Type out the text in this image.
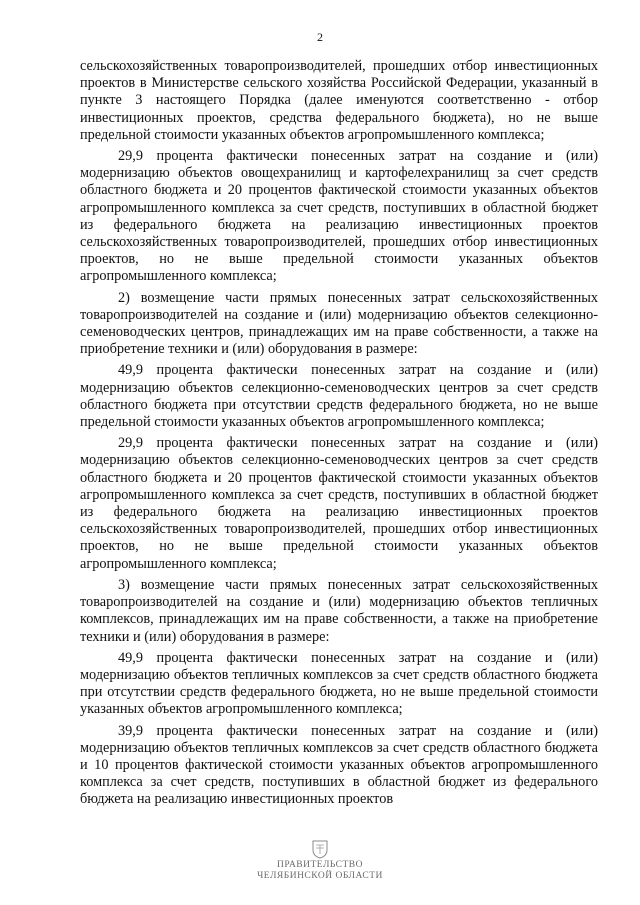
2

сельскохозяйственных товаропроизводителей, прошедших отбор инвестиционных проектов в Министерстве сельского хозяйства Российской Федерации, указанный в пункте 3 настоящего Порядка (далее именуются соответственно - отбор инвестиционных проектов, средства федерального бюджета), но не выше предельной стоимости указанных объектов агропромышленного комплекса;

29,9 процента фактически понесенных затрат на создание и (или) модернизацию объектов овощехранилищ и картофелехранилищ за счет средств областного бюджета и 20 процентов фактической стоимости указанных объектов агропромышленного комплекса за счет средств, поступивших в областной бюджет из федерального бюджета на реализацию инвестиционных проектов сельскохозяйственных товаропроизводителей, прошедших отбор инвестиционных проектов, но не выше предельной стоимости указанных объектов агропромышленного комплекса;

2) возмещение части прямых понесенных затрат сельскохозяйственных товаропроизводителей на создание и (или) модернизацию объектов селекционно-семеноводческих центров, принадлежащих им на праве собственности, а также на приобретение техники и (или) оборудования в размере:

49,9 процента фактически понесенных затрат на создание и (или) модернизацию объектов селекционно-семеноводческих центров за счет средств областного бюджета при отсутствии средств федерального бюджета, но не выше предельной стоимости указанных объектов агропромышленного комплекса;

29,9 процента фактически понесенных затрат на создание и (или) модернизацию объектов селекционно-семеноводческих центров за счет средств областного бюджета и 20 процентов фактической стоимости указанных объектов агропромышленного комплекса за счет средств, поступивших в областной бюджет из федерального бюджета на реализацию инвестиционных проектов сельскохозяйственных товаропроизводителей, прошедших отбор инвестиционных проектов, но не выше предельной стоимости указанных объектов агропромышленного комплекса;

3) возмещение части прямых понесенных затрат сельскохозяйственных товаропроизводителей на создание и (или) модернизацию объектов тепличных комплексов, принадлежащих им на праве собственности, а также на приобретение техники и (или) оборудования в размере:

49,9 процента фактически понесенных затрат на создание и (или) модернизацию объектов тепличных комплексов за счет средств областного бюджета при отсутствии средств федерального бюджета, но не выше предельной стоимости указанных объектов агропромышленного комплекса;

39,9 процента фактически понесенных затрат на создание и (или) модернизацию объектов тепличных комплексов за счет средств областного бюджета и 10 процентов фактической стоимости указанных объектов агропромышленного комплекса за счет средств, поступивших в областной бюджет из федерального бюджета на реализацию инвестиционных проектов

ПРАВИТЕЛЬСТВО
ЧЕЛЯБИНСКОЙ ОБЛАСТИ
